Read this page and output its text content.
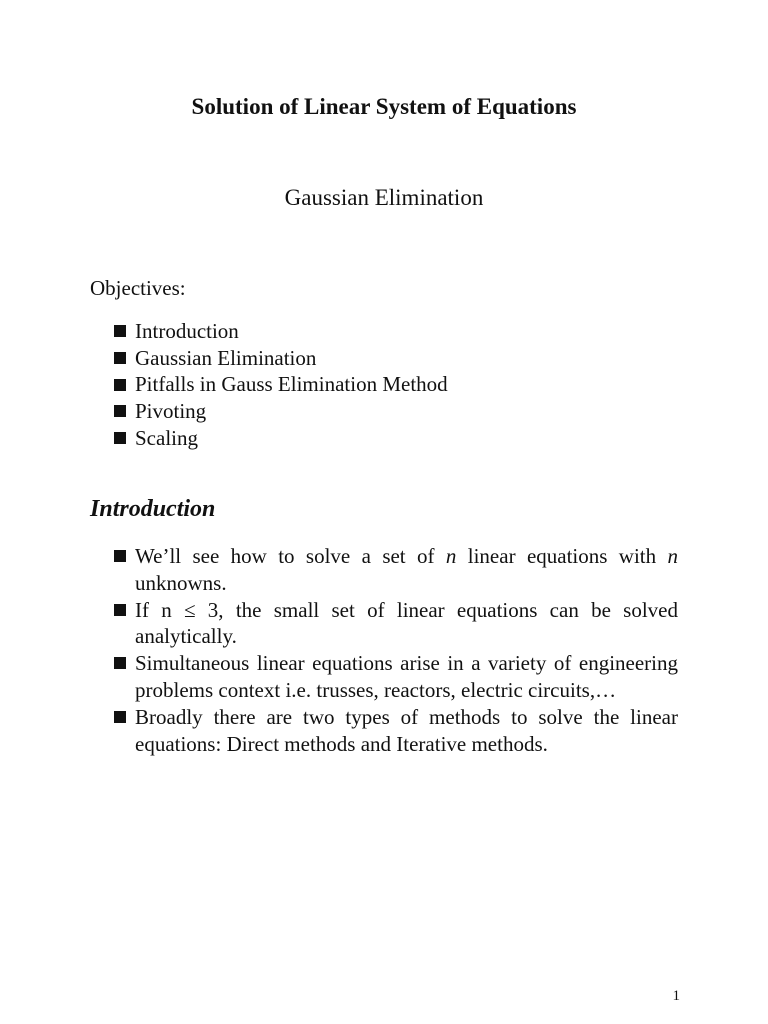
Solution of Linear System of Equations
Gaussian Elimination

Objectives:

Introduction
Gaussian Elimination
Pitfalls in Gauss Elimination Method
Pivoting
Scaling
Introduction
We’ll see how to solve a set of n linear equations with n unknowns.
If n ≤ 3, the small set of linear equations can be solved analytically.
Simultaneous linear equations arise in a variety of engineering problems context i.e. trusses, reactors, electric circuits,…
Broadly there are two types of methods to solve the linear equations: Direct methods and Iterative methods.

1
